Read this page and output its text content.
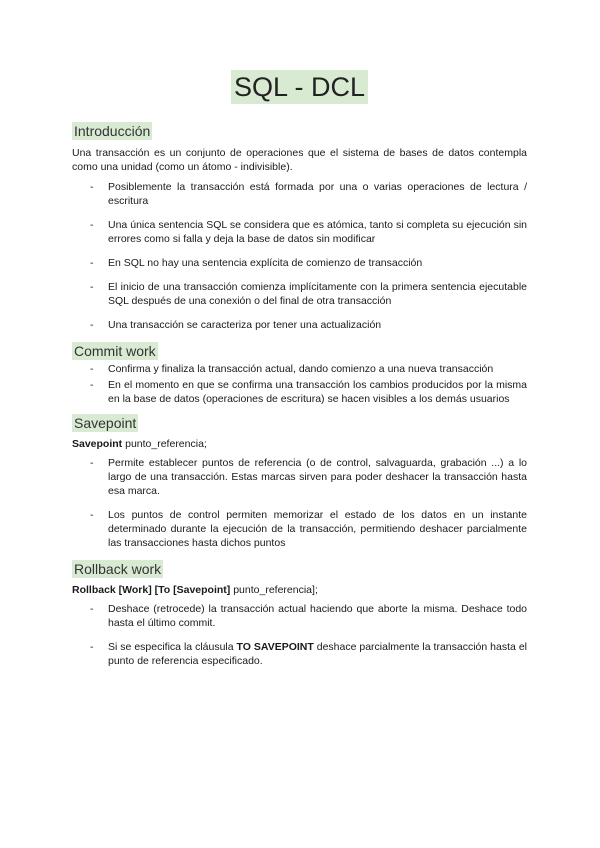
SQL - DCL
Introducción
Una transacción es un conjunto de operaciones que el sistema de bases de datos contempla como una unidad (como un átomo - indivisible).
- Posiblemente la transacción está formada por una o varias operaciones de lectura / escritura
- Una única sentencia SQL se considera que es atómica, tanto si completa su ejecución sin errores como si falla y deja la base de datos sin modificar
- En SQL no hay una sentencia explícita de comienzo de transacción
- El inicio de una transacción comienza implícitamente con la primera sentencia ejecutable SQL después de una conexión o del final de otra transacción
- Una transacción se caracteriza por tener una actualización
Commit work
- Confirma y finaliza la transacción actual, dando comienzo a una nueva transacción
- En el momento en que se confirma una transacción los cambios producidos por la misma en la base de datos (operaciones de escritura) se hacen visibles a los demás usuarios
Savepoint
Savepoint punto_referencia;
- Permite establecer puntos de referencia (o de control, salvaguarda, grabación ...) a lo largo de una transacción. Estas marcas sirven para poder deshacer la transacción hasta esa marca.
- Los puntos de control permiten memorizar el estado de los datos en un instante determinado durante la ejecución de la transacción, permitiendo deshacer parcialmente las transacciones hasta dichos puntos
Rollback work
Rollback [Work] [To [Savepoint] punto_referencia];
- Deshace (retrocede) la transacción actual haciendo que aborte la misma. Deshace todo hasta el último commit.
- Si se especifica la cláusula TO SAVEPOINT deshace parcialmente la transacción hasta el punto de referencia especificado.
